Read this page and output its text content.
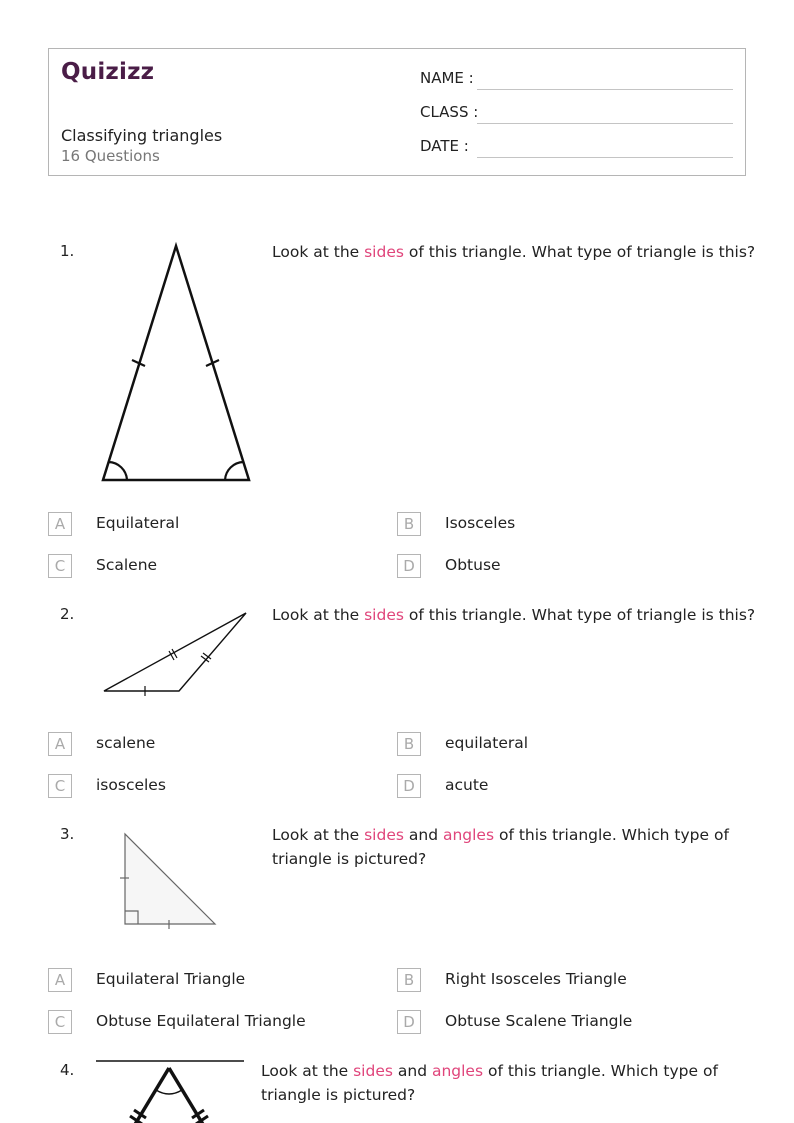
Quizizz
Classifying triangles
16 Questions
NAME :
CLASS :
DATE :
1.	Look at the sides of this triangle. What type of triangle is this?
A	Equilateral	B	Isosceles
C	Scalene	D	Obtuse
2.	Look at the sides of this triangle. What type of triangle is this?
A	scalene	B	equilateral
C	isosceles	D	acute
3.	Look at the sides and angles of this triangle. Which type of
triangle is pictured?
A	Equilateral Triangle	B	Right Isosceles Triangle
C	Obtuse Equilateral Triangle	D	Obtuse Scalene Triangle
4.	Look at the sides and angles of this triangle. Which type of
triangle is pictured?
